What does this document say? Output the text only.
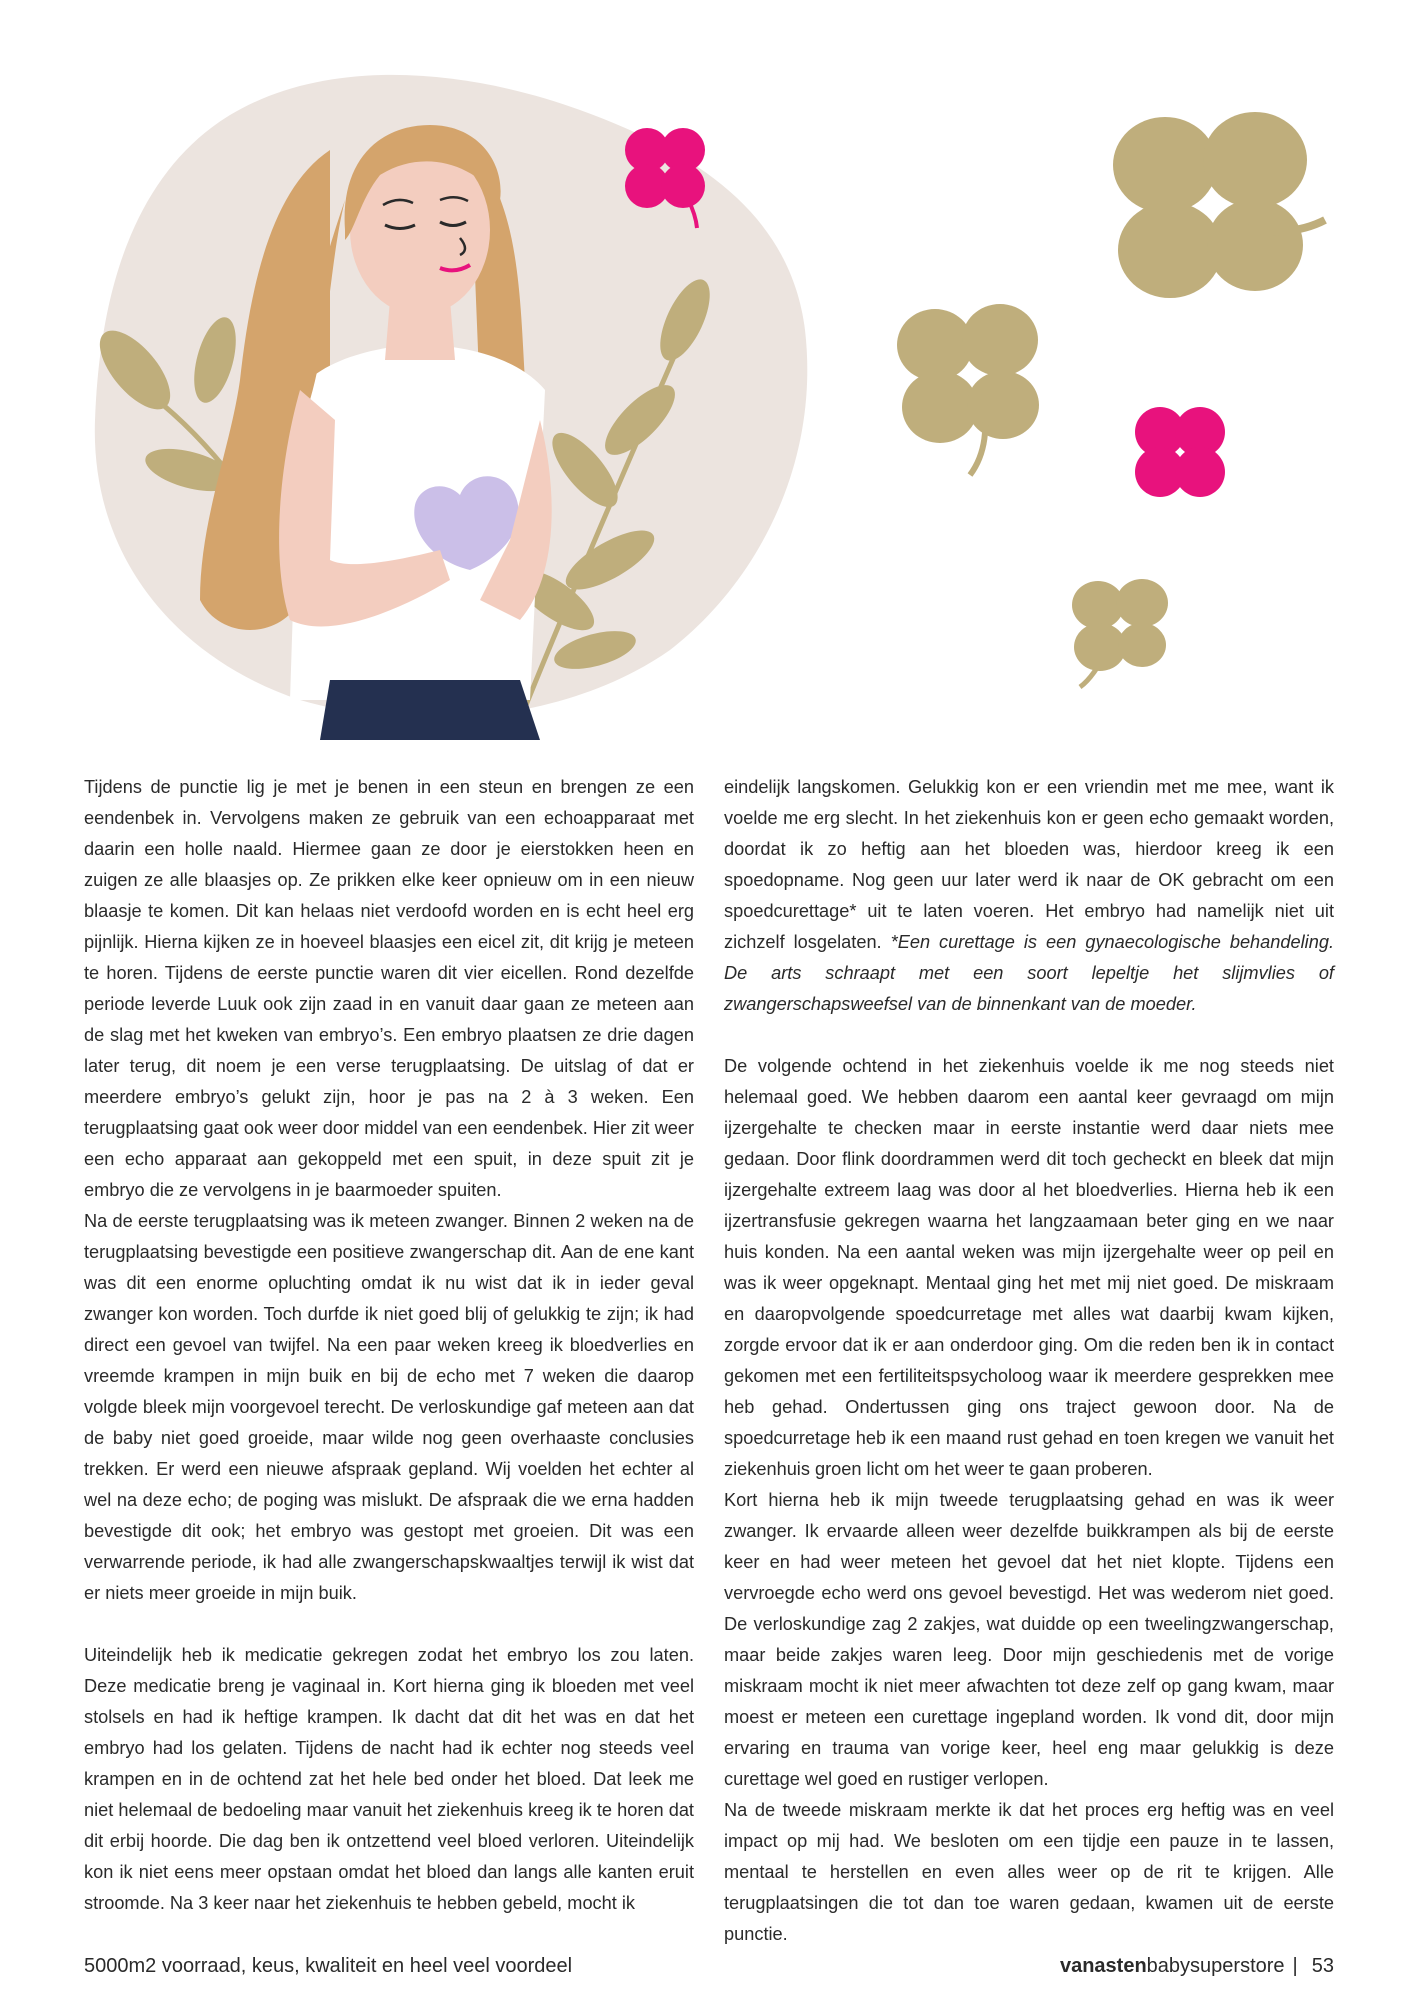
Tijdens de punctie lig je met je benen in een steun en brengen ze een eendenbek in. Vervolgens maken ze gebruik van een echoapparaat met daarin een holle naald. Hiermee gaan ze door je eierstokken heen en zuigen ze alle blaasjes op. Ze prikken elke keer opnieuw om in een nieuw blaasje te komen. Dit kan helaas niet verdoofd worden en is echt heel erg pijnlijk. Hierna kijken ze in hoeveel blaasjes een eicel zit, dit krijg je meteen te horen. Tijdens de eerste punctie waren dit vier eicellen. Rond dezelfde periode leverde Luuk ook zijn zaad in en vanuit daar gaan ze meteen aan de slag met het kweken van embryo’s. Een embryo plaatsen ze drie dagen later terug, dit noem je een verse terugplaatsing. De uitslag of dat er meerdere embryo’s gelukt zijn, hoor je pas na 2 à 3 weken. Een terugplaatsing gaat ook weer door middel van een eendenbek. Hier zit weer een echo apparaat aan gekoppeld met een spuit, in deze spuit zit je embryo die ze vervolgens in je baarmoeder spuiten.

Na de eerste terugplaatsing was ik meteen zwanger. Binnen 2 weken na de terugplaatsing bevestigde een positieve zwangerschap dit. Aan de ene kant was dit een enorme opluchting omdat ik nu wist dat ik in ieder geval zwanger kon worden. Toch durfde ik niet goed blij of gelukkig te zijn; ik had direct een gevoel van twijfel. Na een paar weken kreeg ik bloedverlies en vreemde krampen in mijn buik en bij de echo met 7 weken die daarop volgde bleek mijn voorgevoel terecht. De verloskundige gaf meteen aan dat de baby niet goed groeide, maar wilde nog geen overhaaste conclusies trekken. Er werd een nieuwe afspraak gepland. Wij voelden het echter al wel na deze echo; de poging was mislukt. De afspraak die we erna hadden bevestigde dit ook; het embryo was gestopt met groeien. Dit was een verwarrende periode, ik had alle zwangerschapskwaaltjes terwijl ik wist dat er niets meer groeide in mijn buik.

Uiteindelijk heb ik medicatie gekregen zodat het embryo los zou laten. Deze medicatie breng je vaginaal in. Kort hierna ging ik bloeden met veel stolsels en had ik heftige krampen. Ik dacht dat dit het was en dat het embryo had los gelaten. Tijdens de nacht had ik echter nog steeds veel krampen en in de ochtend zat het hele bed onder het bloed. Dat leek me niet helemaal de bedoeling maar vanuit het ziekenhuis kreeg ik te horen dat dit erbij hoorde. Die dag ben ik ontzettend veel bloed verloren. Uiteindelijk kon ik niet eens meer opstaan omdat het bloed dan langs alle kanten eruit stroomde. Na 3 keer naar het ziekenhuis te hebben gebeld, mocht ik

eindelijk langskomen. Gelukkig kon er een vriendin met me mee, want ik voelde me erg slecht. In het ziekenhuis kon er geen echo gemaakt worden, doordat ik zo heftig aan het bloeden was, hierdoor kreeg ik een spoedopname. Nog geen uur later werd ik naar de OK gebracht om een spoedcurettage* uit te laten voeren. Het embryo had namelijk niet uit zichzelf losgelaten. *Een curettage is een gynaecologische behandeling. De arts schraapt met een soort lepeltje het slijmvlies of zwangerschapsweefsel van de binnenkant van de moeder.

De volgende ochtend in het ziekenhuis voelde ik me nog steeds niet helemaal goed. We hebben daarom een aantal keer gevraagd om mijn ijzergehalte te checken maar in eerste instantie werd daar niets mee gedaan. Door flink doordrammen werd dit toch gecheckt en bleek dat mijn ijzergehalte extreem laag was door al het bloedverlies. Hierna heb ik een ijzertransfusie gekregen waarna het langzaamaan beter ging en we naar huis konden. Na een aantal weken was mijn ijzergehalte weer op peil en was ik weer opgeknapt. Mentaal ging het met mij niet goed. De miskraam en daaropvolgende spoedcurretage met alles wat daarbij kwam kijken, zorgde ervoor dat ik er aan onderdoor ging. Om die reden ben ik in contact gekomen met een fertiliteitspsycholoog waar ik meerdere gesprekken mee heb gehad. Ondertussen ging ons traject gewoon door. Na de spoedcurretage heb ik een maand rust gehad en toen kregen we vanuit het ziekenhuis groen licht om het weer te gaan proberen.

Kort hierna heb ik mijn tweede terugplaatsing gehad en was ik weer zwanger. Ik ervaarde alleen weer dezelfde buikkrampen als bij de eerste keer en had weer meteen het gevoel dat het niet klopte. Tijdens een vervroegde echo werd ons gevoel bevestigd. Het was wederom niet goed. De verloskundige zag 2 zakjes, wat duidde op een tweelingzwangerschap, maar beide zakjes waren leeg. Door mijn geschiedenis met de vorige miskraam mocht ik niet meer afwachten tot deze zelf op gang kwam, maar moest er meteen een curettage ingepland worden. Ik vond dit, door mijn ervaring en trauma van vorige keer, heel eng maar gelukkig is deze curettage wel goed en rustiger verlopen.

Na de tweede miskraam merkte ik dat het proces erg heftig was en veel impact op mij had. We besloten om een tijdje een pauze in te lassen, mentaal te herstellen en even alles weer op de rit te krijgen. Alle terugplaatsingen die tot dan toe waren gedaan, kwamen uit de eerste punctie.

5000m2 voorraad, keus, kwaliteit en heel veel voordeel	vanastenbabysuperstore | 53
